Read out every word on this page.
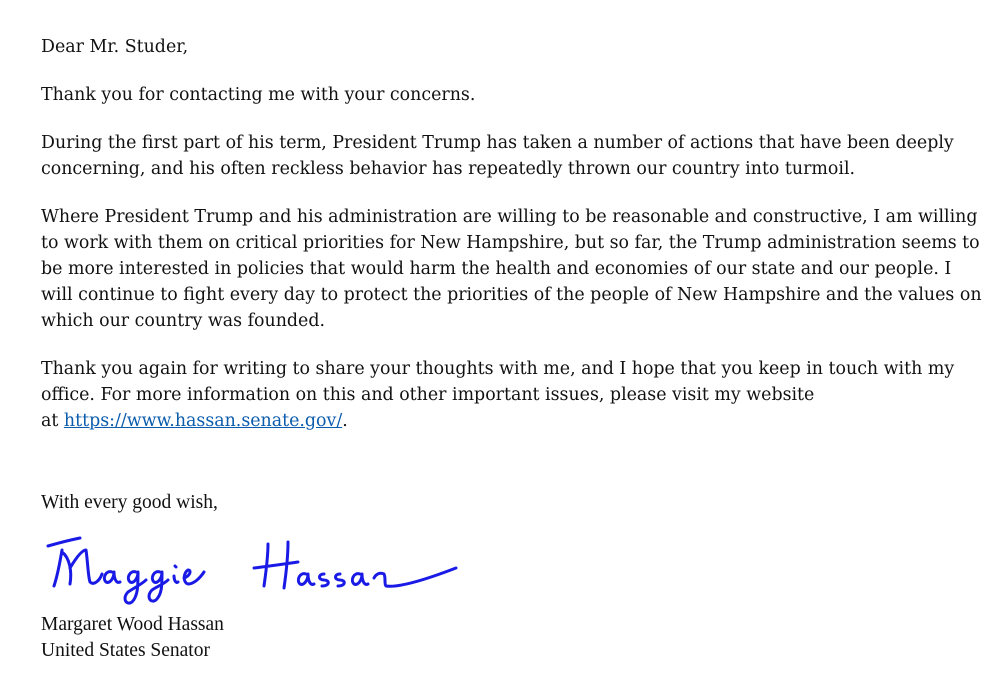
Dear Mr. Studer,

Thank you for contacting me with your concerns.

During the first part of his term, President Trump has taken a number of actions that have been deeply concerning, and his often reckless behavior has repeatedly thrown our country into turmoil.

Where President Trump and his administration are willing to be reasonable and constructive, I am willing to work with them on critical priorities for New Hampshire, but so far, the Trump administration seems to be more interested in policies that would harm the health and economies of our state and our people. I will continue to fight every day to protect the priorities of the people of New Hampshire and the values on which our country was founded.

Thank you again for writing to share your thoughts with me, and I hope that you keep in touch with my office. For more information on this and other important issues, please visit my website
at https://www.hassan.senate.gov/.

With every good wish,

Margaret Wood Hassan

United States Senator
